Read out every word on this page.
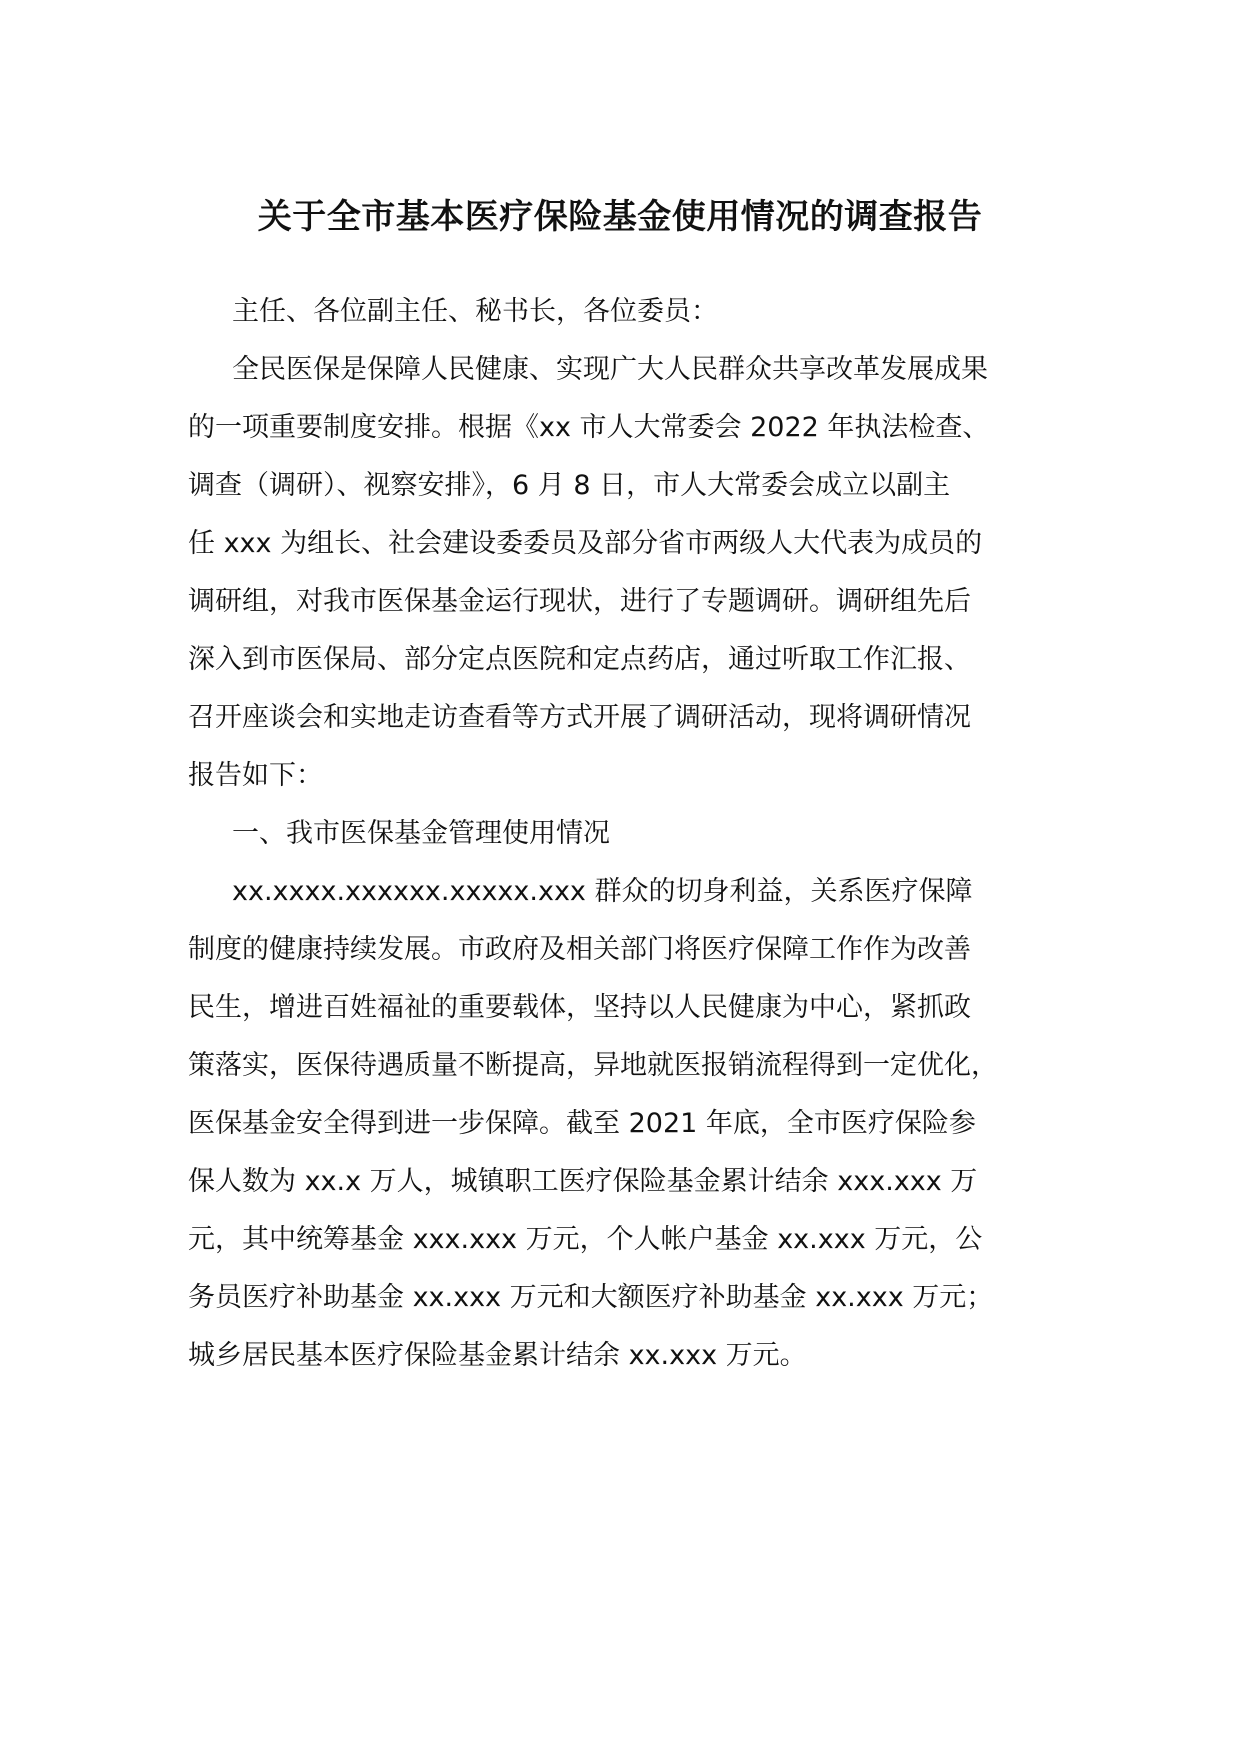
关于全市基本医疗保险基金使用情况的调查报告
主任、各位副主任、秘书长，各位委员：
全民医保是保障人民健康、实现广大人民群众共享改革发展成果
的一项重要制度安排。根据《xx 市人大常委会 2022 年执法检查、
调查（调研）、视察安排》，6 月 8 日，市人大常委会成立以副主
任 xxx 为组长、社会建设委委员及部分省市两级人大代表为成员的
调研组，对我市医保基金运行现状，进行了专题调研。调研组先后
深入到市医保局、部分定点医院和定点药店，通过听取工作汇报、
召开座谈会和实地走访查看等方式开展了调研活动，现将调研情况
报告如下：
一、我市医保基金管理使用情况
xx.xxxx.xxxxxx.xxxxx.xxx 群众的切身利益，关系医疗保障
制度的健康持续发展。市政府及相关部门将医疗保障工作作为改善
民生，增进百姓福祉的重要载体，坚持以人民健康为中心，紧抓政
策落实，医保待遇质量不断提高，异地就医报销流程得到一定优化，
医保基金安全得到进一步保障。截至 2021 年底，全市医疗保险参
保人数为 xx.x 万人，城镇职工医疗保险基金累计结余 xxx.xxx 万
元，其中统筹基金 xxx.xxx 万元，个人帐户基金 xx.xxx 万元，公
务员医疗补助基金 xx.xxx 万元和大额医疗补助基金 xx.xxx 万元；
城乡居民基本医疗保险基金累计结余 xx.xxx 万元。
